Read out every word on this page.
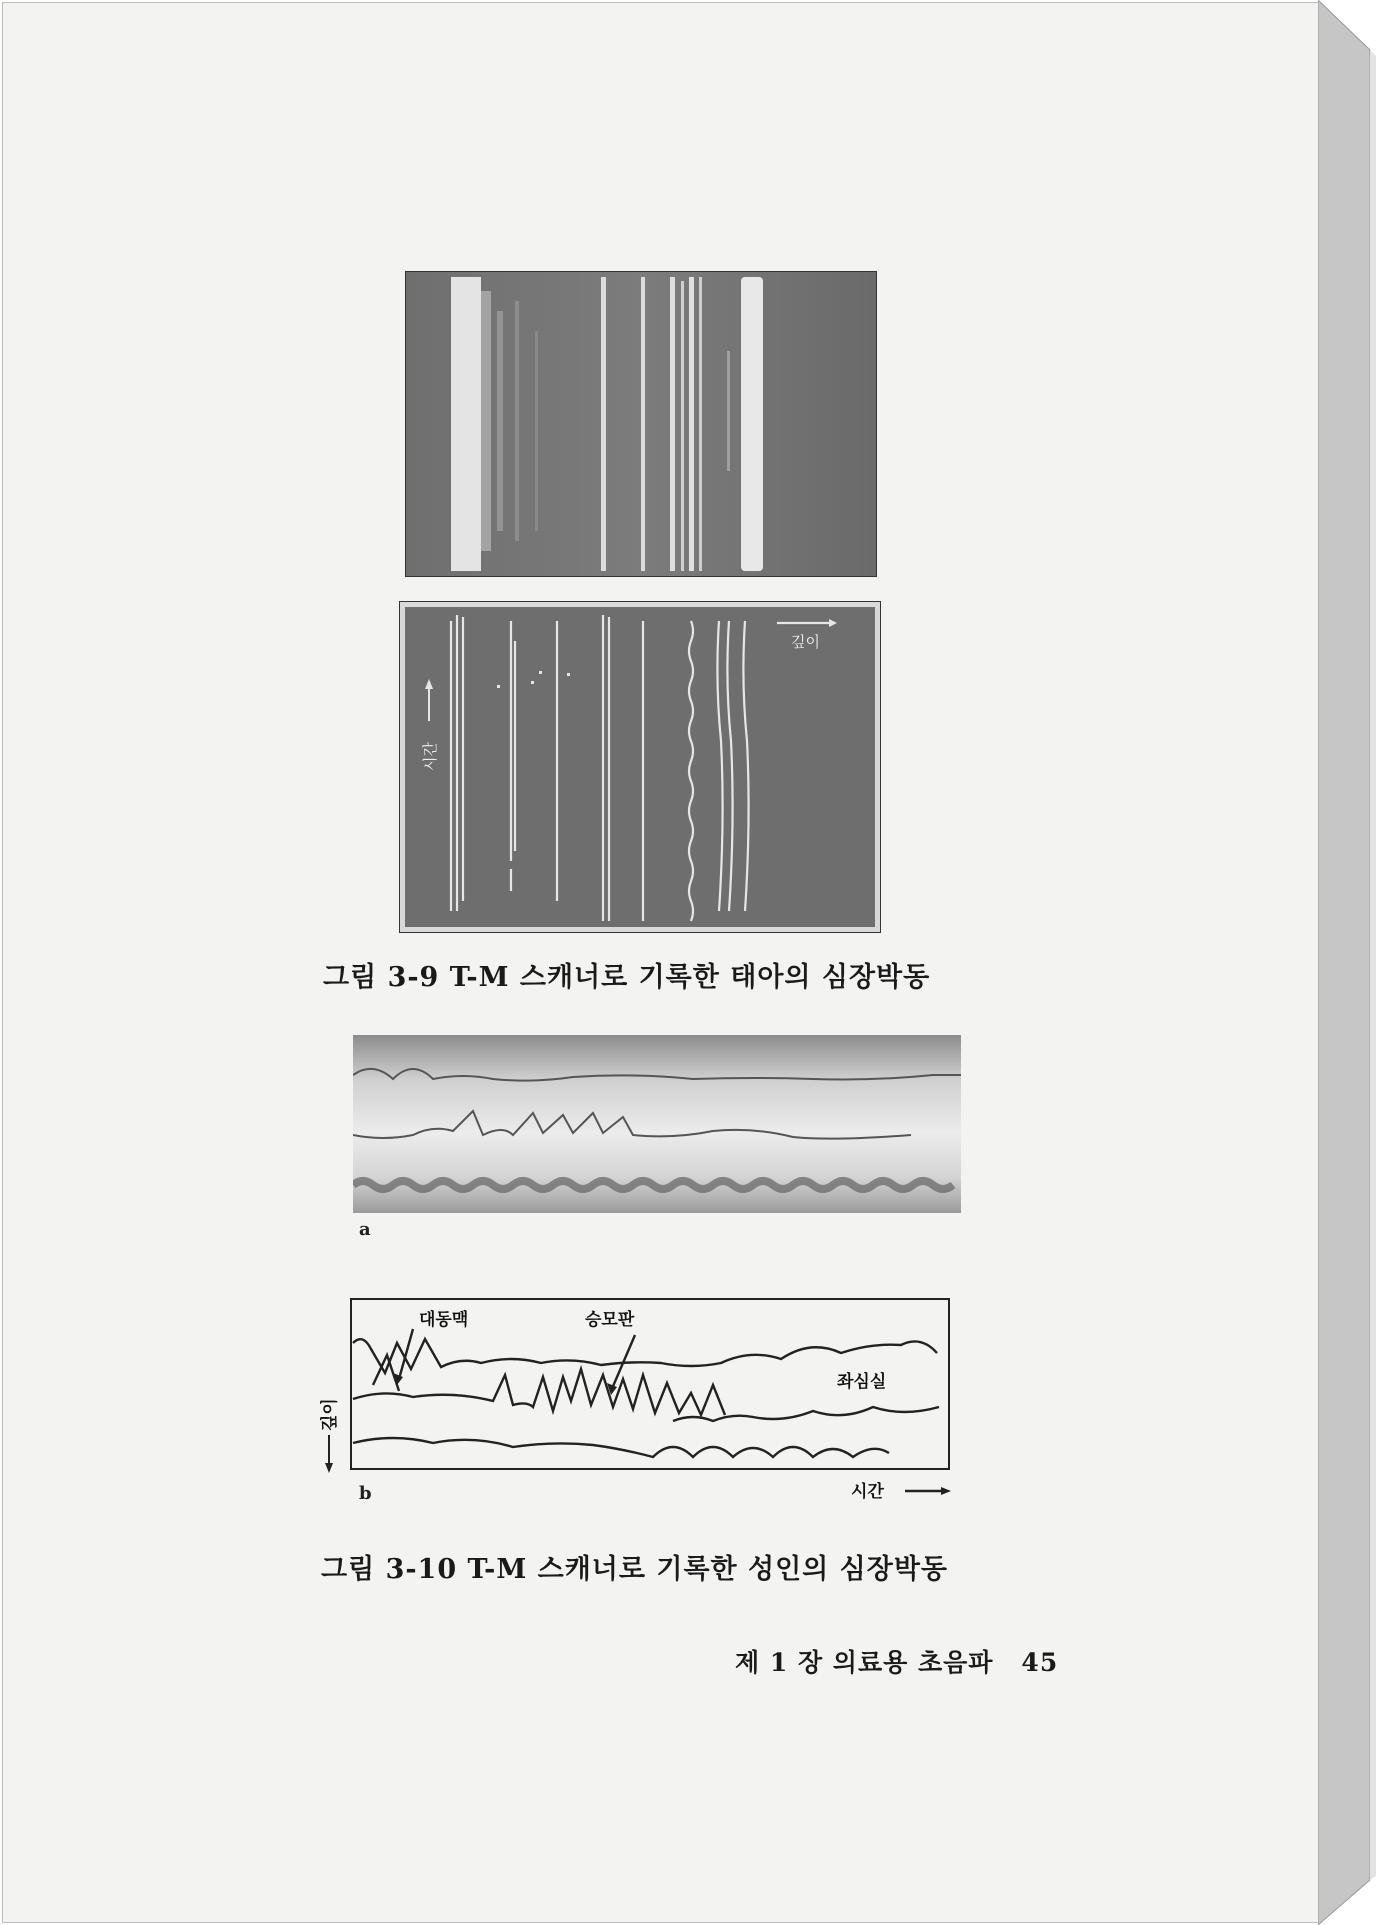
깊이
시간
그림 3-9 T-M 스캐너로 기록한 태아의 심장박동
a
대동맥	승모판
좌심실
깊이
시간
b
그림 3-10 T-M 스캐너로 기록한 성인의 심장박동
제 1 장 의료용 초음파 45
